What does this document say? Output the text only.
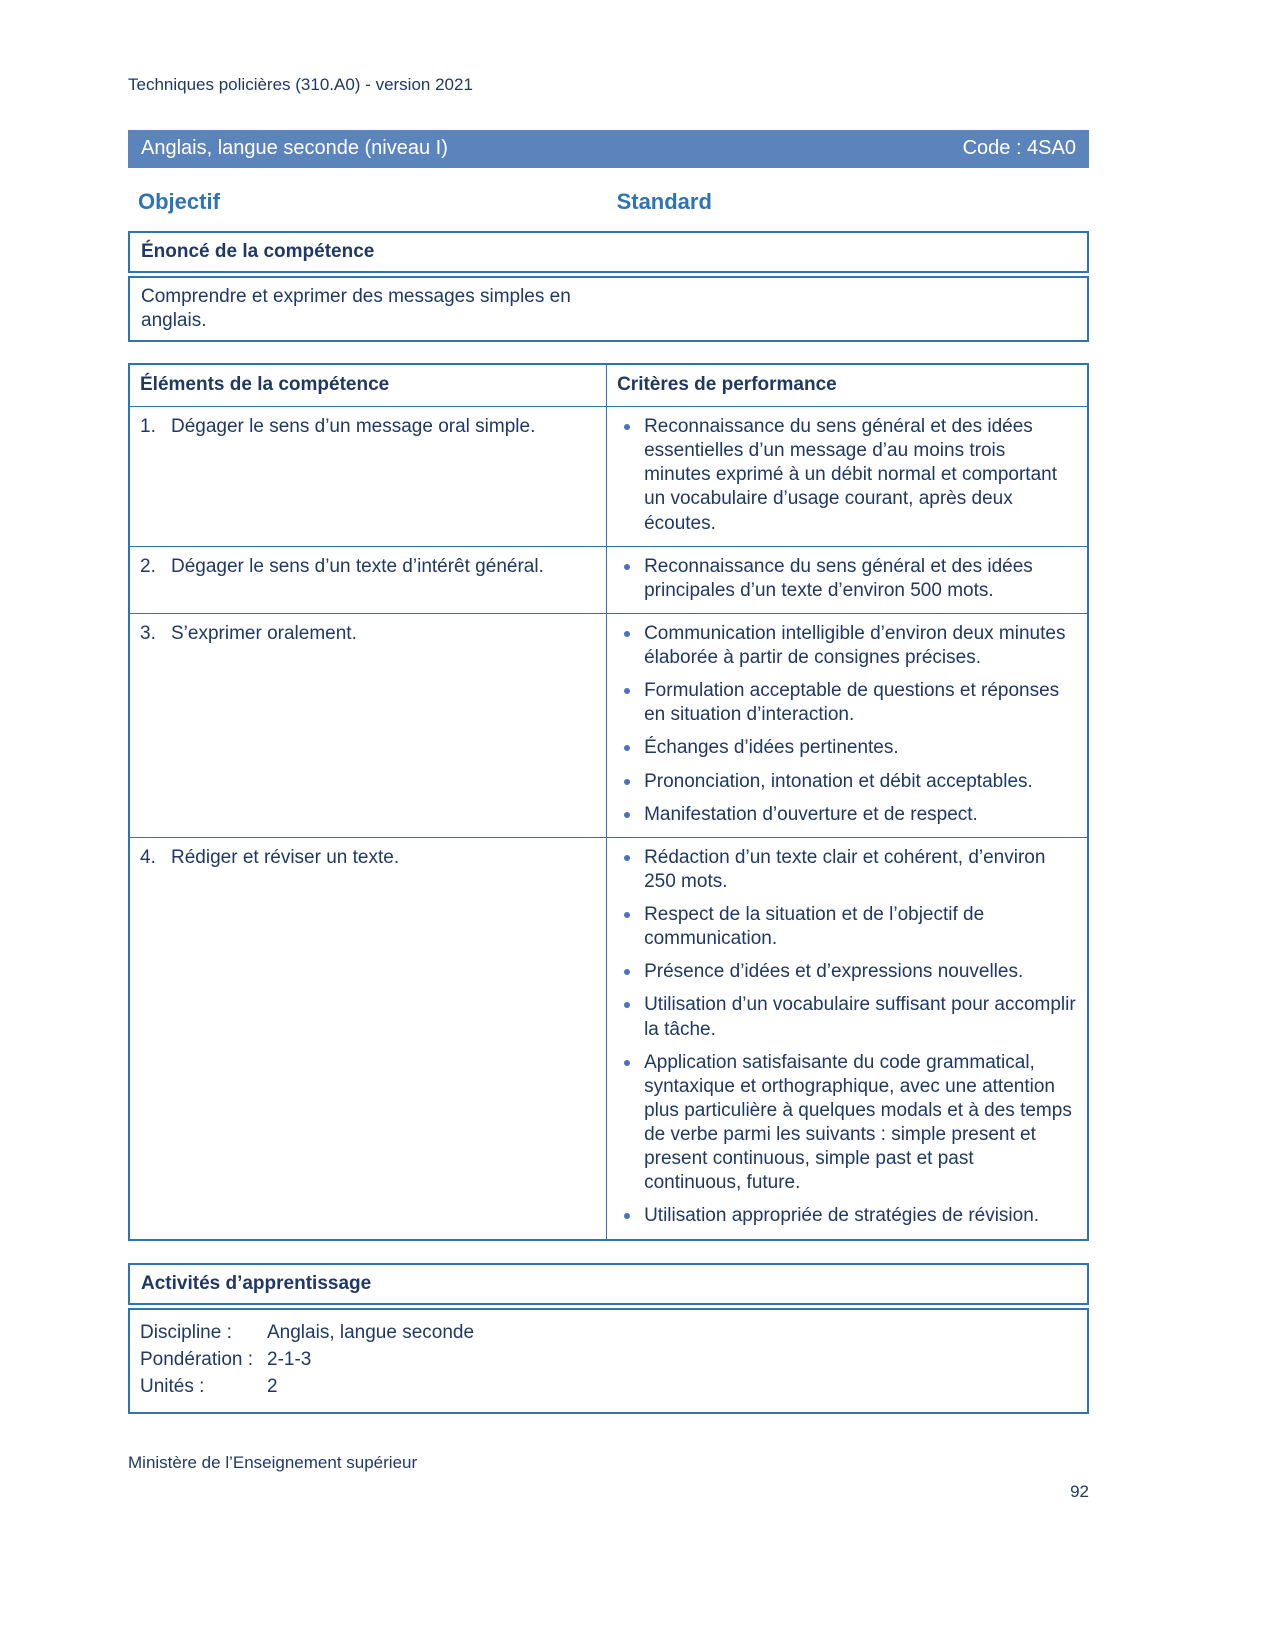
Techniques policières (310.A0) - version 2021
Anglais, langue seconde (niveau I)	Code : 4SA0
Objectif	Standard
Énoncé de la compétence

Comprendre et exprimer des messages simples en anglais.

Éléments de la compétence	Critères de performance

1. Dégager le sens d’un message oral simple.	Reconnaissance du sens général et des idées essentielles d’un message d’au moins trois minutes exprimé à un débit normal et comportant un vocabulaire d’usage courant, après deux écoutes.

2. Dégager le sens d’un texte d’intérêt général.	Reconnaissance du sens général et des idées principales d’un texte d’environ 500 mots.

3. S’exprimer oralement.	Communication intelligible d’environ deux minutes élaborée à partir de consignes précises.
Formulation acceptable de questions et réponses en situation d’interaction.
Échanges d’idées pertinentes.
Prononciation, intonation et débit acceptables.
Manifestation d’ouverture et de respect.

4. Rédiger et réviser un texte.	Rédaction d’un texte clair et cohérent, d’environ 250 mots.
Respect de la situation et de l’objectif de communication.
Présence d’idées et d’expressions nouvelles.
Utilisation d’un vocabulaire suffisant pour accomplir la tâche.
Application satisfaisante du code grammatical, syntaxique et orthographique, avec une attention plus particulière à quelques modals et à des temps de verbe parmi les suivants : simple present et present continuous, simple past et past continuous, future.
Utilisation appropriée de stratégies de révision.
Activités d’apprentissage
Discipline :	Anglais, langue seconde
Pondération : 2-1-3
Unités :	2
Ministère de l’Enseignement supérieur
92
